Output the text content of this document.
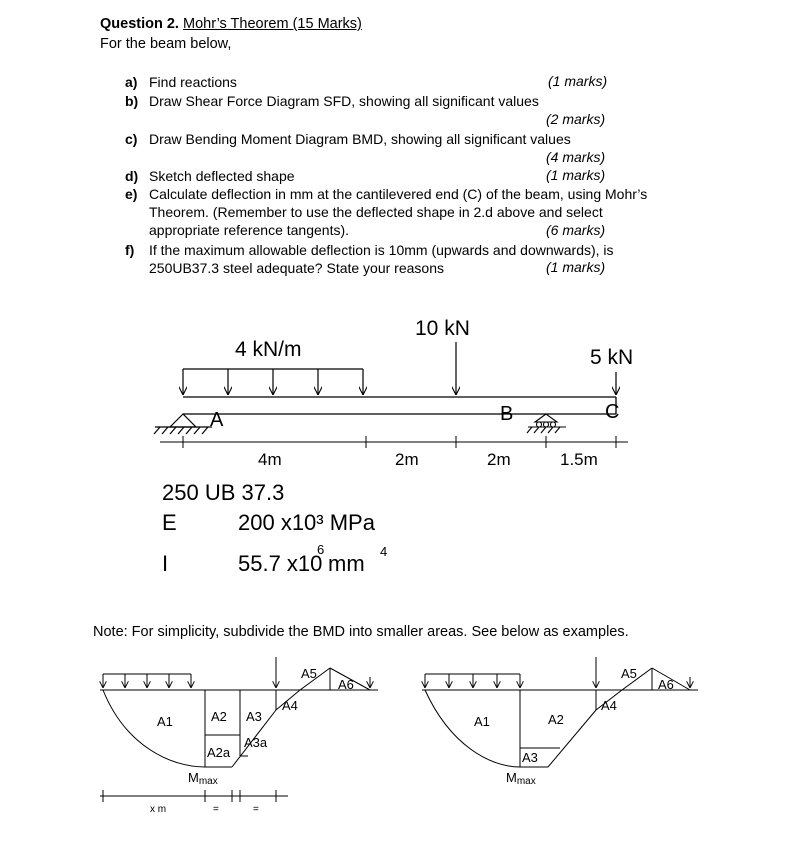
Question 2. Mohr’s Theorem (15 Marks)
For the beam below,
a) Find reactions	(1 marks)
b) Draw Shear Force Diagram SFD, showing all significant values
(2 marks)
c) Draw Bending Moment Diagram BMD, showing all significant values
(4 marks)
d) Sketch deflected shape	(1 marks)
e) Calculate deflection in mm at the cantilevered end (C) of the beam, using Mohr’s
Theorem. (Remember to use the deflected shape in 2.d above and select
appropriate reference tangents).	(6 marks)
f) If the maximum allowable deflection is 10mm (upwards and downwards), is
250UB37.3 steel adequate? State your reasons	(1 marks)
4 kN/m
10 kN
5 kN
A	B	C
4m	2m	2m	1.5m
250 UB 37.3
E	200 x10³ MPa
I	55.7 x10
6
mm 4
Note: For simplicity, subdivide the BMD into smaller areas. See below as examples.
A1	A2 A3
A4
A5
A6
A2a
A3a
Mmax
x m	=	=
A1	A2
A3
A4
A5
A6
Mmax
